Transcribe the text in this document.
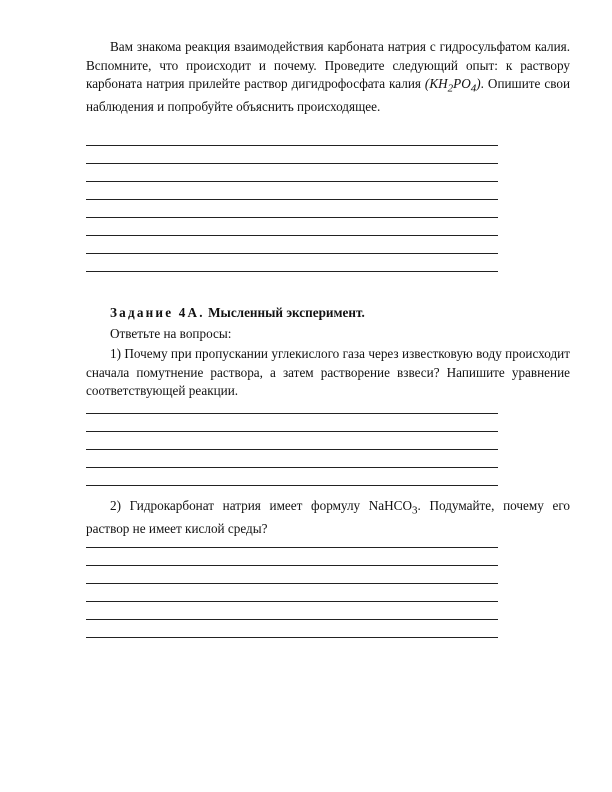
Вам знакома реакция взаимодействия карбоната натрия с гидросульфатом калия. Вспомните, что происходит и почему. Проведите следующий опыт: к раствору карбоната натрия прилейте раствор дигидрофосфата калия $(KH_2PO_4)$. Опишите свои наблюдения и попробуйте объяснить происходящее.

Задание 4А. Мысленный эксперимент.
Ответьте на вопросы:

1) Почему при пропускании углекислого газа через известковую воду происходит сначала помутнение раствора, а затем растворение взвеси? Напишите уравнение соответствующей реакции.

2) Гидрокарбонат натрия имеет формулу NaHCO$_3$. Подумайте, почему его раствор не имеет кислой среды?
